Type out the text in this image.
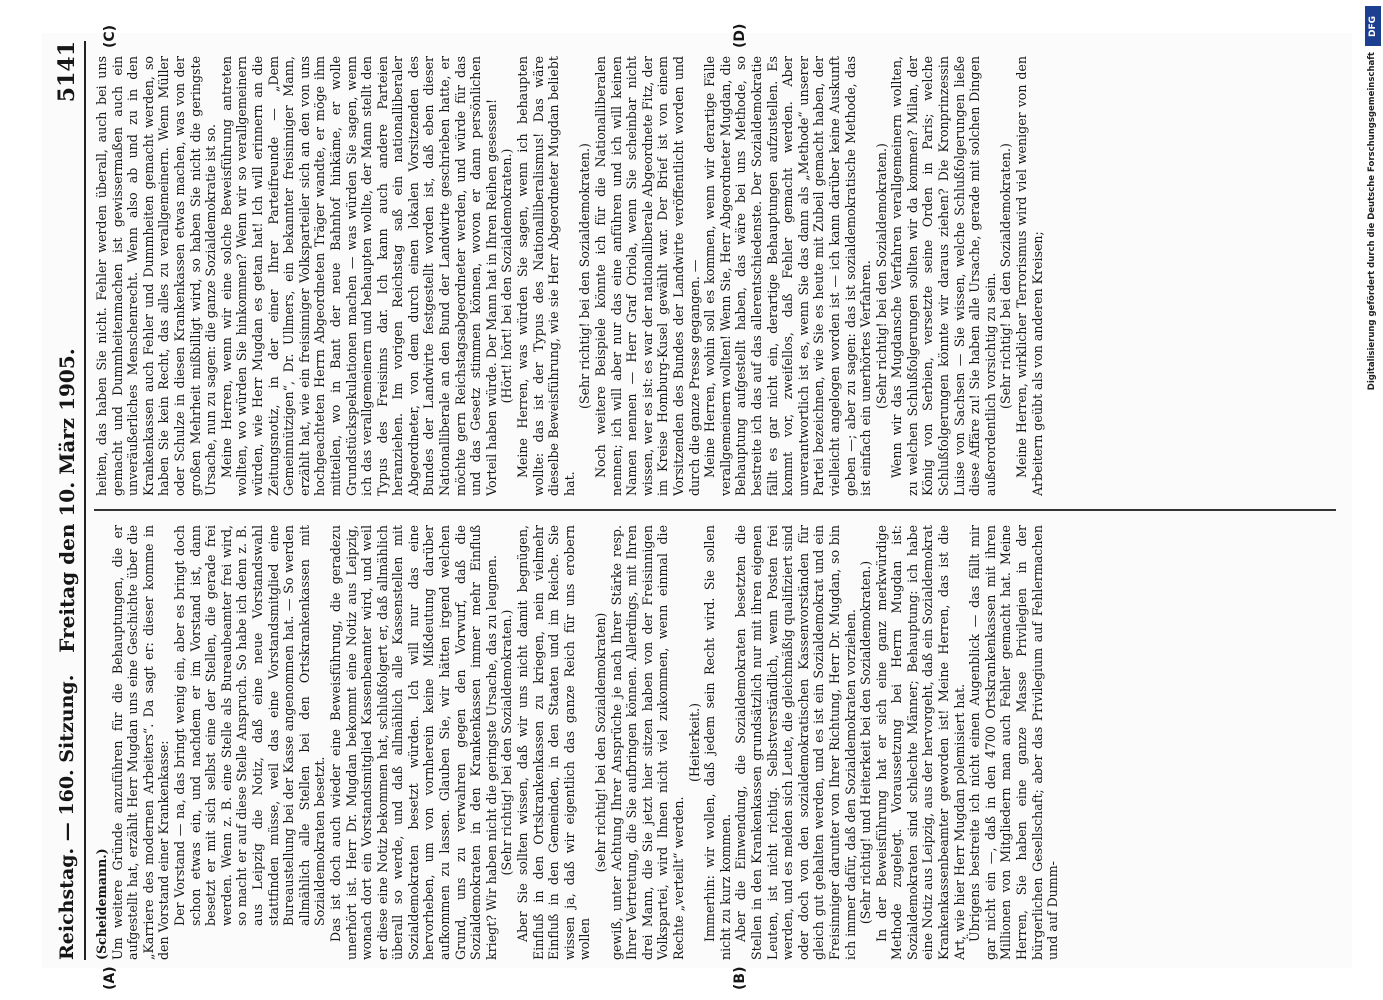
Reichstag. — 160. Sitzung.
Freitag den 10. März 1905.
5141
(A)	(B)
(C)	(D)

(Scheidemann.) Um weitere Gründe anzuführen für die Behauptungen, die er aufgestellt hat, erzählt Herr Mugdan uns eine Geschichte über die „Karriere des modernen Arbeiters“. Da sagt er: dieser komme in den Vorstand einer Krankenkasse: Der Vorstand — na, das bringt wenig ein, aber es bringt doch schon etwas ein, und nachdem er im Vorstand ist, dann besetzt er mit sich selbst eine der Stellen, die gerade frei werden. Wenn z. B. eine Stelle als Bureaubeamter frei wird, so macht er auf diese Stelle Anspruch. So habe ich denn z. B. aus Leipzig die Notiz, daß eine neue Vorstandswahl stattfinden müsse, weil das eine Vorstandsmitglied eine Bureaustellung bei der Kasse angenommen hat. — So werden allmählich alle Stellen bei den Ortskrankenkassen mit Sozialdemokraten besetzt. Das ist doch auch wieder eine Beweisführung, die geradezu unerhört ist. Herr Dr. Mugdan bekommt eine Notiz aus Leipzig, wonach dort ein Vorstandsmitglied Kassenbeamter wird, und weil er diese eine Notiz bekommen hat, schlußfolgert er, daß allmählich überall so werde, und daß allmählich alle Kassenstellen mit Sozialdemokraten besetzt würden. Ich will nur das eine hervorheben, um von vornherein keine Mißdeutung darüber aufkommen zu lassen. Glauben Sie, wir hätten irgend welchen Grund, uns zu verwahren gegen den Vorwurf, daß die Sozialdemokraten in den Krankenkassen immer mehr Einfluß kriegt? Wir haben nicht die geringste Ursache, das zu leugnen. (Sehr richtig! bei den Sozialdemokraten.) Aber Sie sollten wissen, daß wir uns nicht damit begnügen, Einfluß in den Ortskrankenkassen zu kriegen, nein vielmehr Einfluß in den Gemeinden, in den Staaten und im Reiche. Sie wissen ja, daß wir eigentlich das ganze Reich für uns erobern wollen

(sehr richtig! bei den Sozialdemokraten) gewiß, unter Achtung Ihrer Ansprüche je nach Ihrer Stärke resp. Ihrer Vertretung, die Sie aufbringen können. Allerdings, mit Ihren drei Mann, die Sie jetzt hier sitzen haben von der Freisinnigen Volkspartei, wird Ihnen nicht viel zukommen, wenn einmal die Rechte „verteilt“ werden.

(Heiterkeit.) Immerhin: wir wollen, daß jedem sein Recht wird. Sie sollen nicht zu kurz kommen. Aber die Einwendung, die Sozialdemokraten besetzten die Stellen in den Krankenkassen grundsätzlich nur mit ihren eigenen Leuten, ist nicht richtig. Selbstverständlich, wenn Posten frei werden, und es melden sich Leute, die gleichmäßig qualifiziert sind oder doch von den sozialdemokratischen Kassenvorständen für gleich gut gehalten werden, und es ist ein Sozialdemokrat und ein Freisinniger darunter von Ihrer Richtung, Herr Dr. Mugdan, so bin ich immer dafür, daß den Sozialdemokraten vorziehen. (Sehr richtig! und Heiterkeit bei den Sozialdemokraten.) In der Beweisführung hat er sich eine ganz merkwürdige Methode zugelegt. Voraussetzung bei Herrn Mugdan ist: Sozialdemokraten sind schlechte Männer; Behauptung: ich habe eine Notiz aus Leipzig, aus der hervorgeht, daß ein Sozialdemokrat Krankenkassenbeamter geworden ist! Meine Herren, das ist die Art, wie hier Herr Mugdan polemisiert hat. Übrigens bestreite ich nicht einen Augenblick — das fällt mir gar nicht ein —, daß in den 4700 Ortskrankenkassen mit ihren Millionen von Mitgliedern man auch Fehler gemacht hat. Meine Herren, Sie haben eine ganze Masse Privilegien in der bürgerlichen Gesellschaft; aber das Privilegium auf Fehlermachen und auf Dumm-

heiten, das haben Sie nicht. Fehler werden überall, auch bei uns gemacht und Dummheitenmachen ist gewissermaßen auch ein unveräußerliches Menschenrecht. Wenn also ab und zu in den Krankenkassen auch Fehler und Dummheiten gemacht werden, so haben Sie kein Recht, das alles zu verallgemeinern. Wenn Müller oder Schulze in diesen Krankenkassen etwas machen, was von der großen Mehrheit mißbilligt wird, so haben Sie nicht die geringste Ursache, nun zu sagen: die ganze Sozialdemokratie ist so. Meine Herren, wenn wir eine solche Beweisführung antreten wollten, wo würden Sie hinkommen? Wenn wir so verallgemeinern würden, wie Herr Mugdan es getan hat! Ich will erinnern an die Zeitungsnotiz, in der einer Ihrer Parteifreunde — „Dem Gemeinnützigen“, Dr. Ullmers, ein bekannter freisinniger Mann, erzählt hat, wie ein freisinniger Volksparteiler sich an den von uns hochgeachteten Herrn Abgeordneten Träger wandte, er möge ihm mitteilen, wo in Bant der neue Bahnhof hinkäme, er wolle Grundstückspekulationen machen — was würden Sie sagen, wenn ich das verallgemeinern und behaupten wollte, der Mann stellt den Typus des Freisinns dar. Ich kann auch andere Parteien heranziehen. Im vorigen Reichstag saß ein nationalliberaler Abgeordneter, von dem durch einen lokalen Vorsitzenden des Bundes der Landwirte festgestellt worden ist, daß eben dieser Nationalliberale an den Bund der Landwirte geschrieben hatte, er möchte gern Reichstagsabgeordneter werden, und würde für das und das Gesetz stimmen können, wovon er dann persönlichen Vorteil haben würde. Der Mann hat in Ihren Reihen gesessen! (Hört! hört! bei den Sozialdemokraten.) Meine Herren, was würden Sie sagen, wenn ich behaupten wollte: das ist der Typus des Nationalliberalismus! Das wäre dieselbe Beweisführung, wie sie Herr Abgeordneter Mugdan beliebt hat.

(Sehr richtig! bei den Sozialdemokraten.) Noch weitere Beispiele könnte ich für die Nationalliberalen nennen; ich will aber nur das eine anführen und ich will keinen Namen nennen — Herr Graf Oriola, wenn Sie scheinbar nicht wissen, wer es ist: es war der nationalliberale Abgeordnete Fitz, der im Kreise Homburg-Kusel gewählt war. Der Brief ist von einem Vorsitzenden des Bundes der Landwirte veröffentlicht worden und durch die ganze Presse gegangen. — Meine Herren, wohin soll es kommen, wenn wir derartige Fälle verallgemeinern wollten! Wenn Sie, Herr Abgeordneter Mugdan, die Behauptung aufgestellt haben, das wäre bei uns Methode, so bestreite ich das auf das allerentschiedenste. Der Sozialdemokratie fällt es gar nicht ein, derartige Behauptungen aufzustellen. Es kommt vor, zweifellos, daß Fehler gemacht werden. Aber unverantwortlich ist es, wenn Sie das dann als „Methode“ unserer Partei bezeichnen, wie Sie es heute mit Zubeil gemacht haben, der vielleicht angelogen worden ist — ich kann darüber keine Auskunft geben —; aber zu sagen: das ist sozialdemokratische Methode, das ist einfach ein unerhörtes Verfahren. (Sehr richtig! bei den Sozialdemokraten.) Wenn wir das Mugdansche Verfahren verallgemeinern wollten, zu welchen Schlußfolgerungen sollten wir da kommen? Milan, der König von Serbien, versetzte seine Orden in Paris; welche Schlußfolgerungen könnte wir daraus ziehen? Die Kronprinzessin Luise von Sachsen — Sie wissen, welche Schlußfolgerungen ließe diese Affäre zu! Sie haben alle Ursache, gerade mit solchen Dingen außerordentlich vorsichtig zu sein. (Sehr richtig! bei den Sozialdemokraten.) Meine Herren, wirklicher Terrorismus wird viel weniger von den Arbeitern geübt als von anderen Kreisen;

DFG
Digitalisierung gefördert durch die Deutsche Forschungsgemeinschaft
